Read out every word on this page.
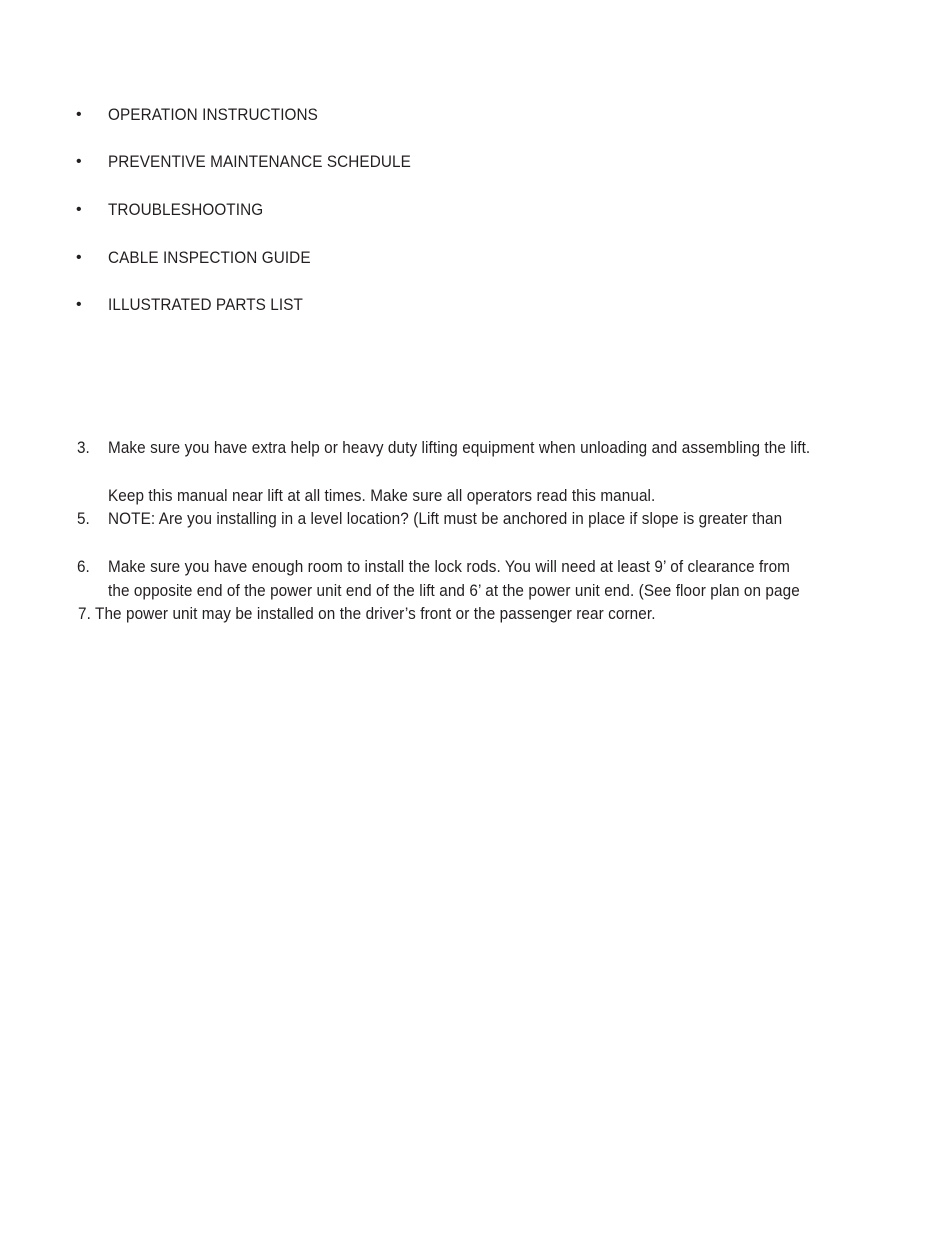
• OPERATION INSTRUCTIONS
• PREVENTIVE MAINTENANCE SCHEDULE
• TROUBLESHOOTING
• CABLE INSPECTION GUIDE
• ILLUSTRATED PARTS LIST
3. Make sure you have extra help or heavy duty lifting equipment when unloading and assembling the lift.
Keep this manual near lift at all times. Make sure all operators read this manual.
5. NOTE: Are you installing in a level location? (Lift must be anchored in place if slope is greater than
6. Make sure you have enough room to install the lock rods. You will need at least 9’ of clearance from
the opposite end of the power unit end of the lift and 6’ at the power unit end. (See floor plan on page
7. The power unit may be installed on the driver’s front or the passenger rear corner.
